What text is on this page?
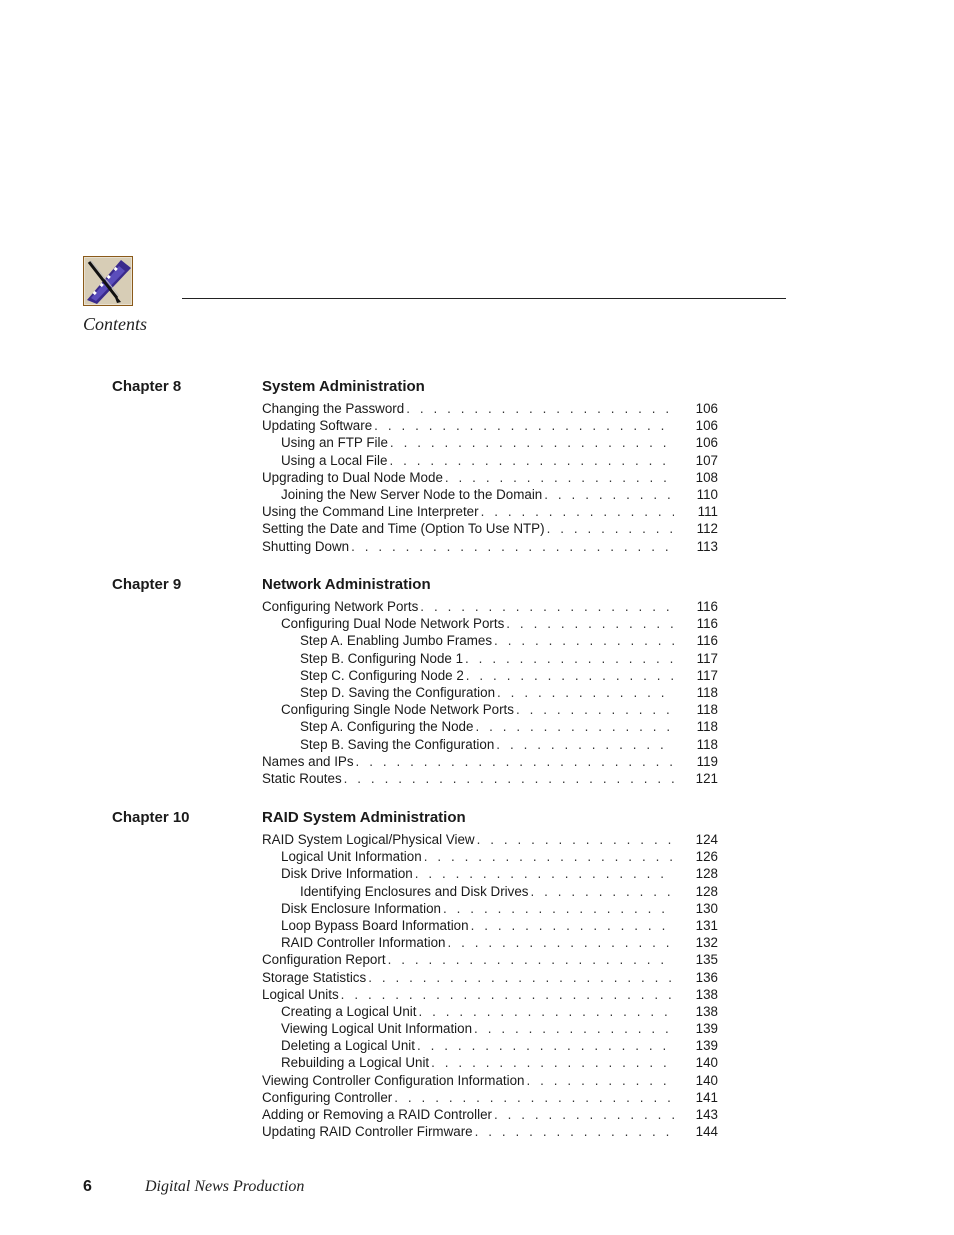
Contents
Chapter 8	System Administration
Changing the Password . . .	106
Updating Software . . .	106
Using an FTP File . . .	106
Using a Local File . . .	107
Upgrading to Dual Node Mode . . .	108
Joining the New Server Node to the Domain . . .	110
Using the Command Line Interpreter . . .	111
Setting the Date and Time (Option To Use NTP) . . .	112
Shutting Down . . .	113
Chapter 9	Network Administration
Configuring Network Ports . . .	116
Configuring Dual Node Network Ports . . .	116
Step A. Enabling Jumbo Frames . . .	116
Step B. Configuring Node 1 . . .	117
Step C. Configuring Node 2 . . .	117
Step D. Saving the Configuration . . .	118
Configuring Single Node Network Ports . . .	118
Step A. Configuring the Node . . .	118
Step B. Saving the Configuration . . .	118
Names and IPs . . .	119
Static Routes . . .	121
Chapter 10	RAID System Administration
RAID System Logical/Physical View . . .	124
Logical Unit Information . . .	126
Disk Drive Information . . .	128
Identifying Enclosures and Disk Drives . . .	128
Disk Enclosure Information . . .	130
Loop Bypass Board Information . . .	131
RAID Controller Information . . .	132
Configuration Report . . .	135
Storage Statistics . . .	136
Logical Units . . .	138
Creating a Logical Unit . . .	138
Viewing Logical Unit Information . . .	139
Deleting a Logical Unit . . .	139
Rebuilding a Logical Unit . . .	140
Viewing Controller Configuration Information . . .	140
Configuring Controller . . .	141
Adding or Removing a RAID Controller . . .	143
Updating RAID Controller Firmware . . .	144
6	Digital News Production
